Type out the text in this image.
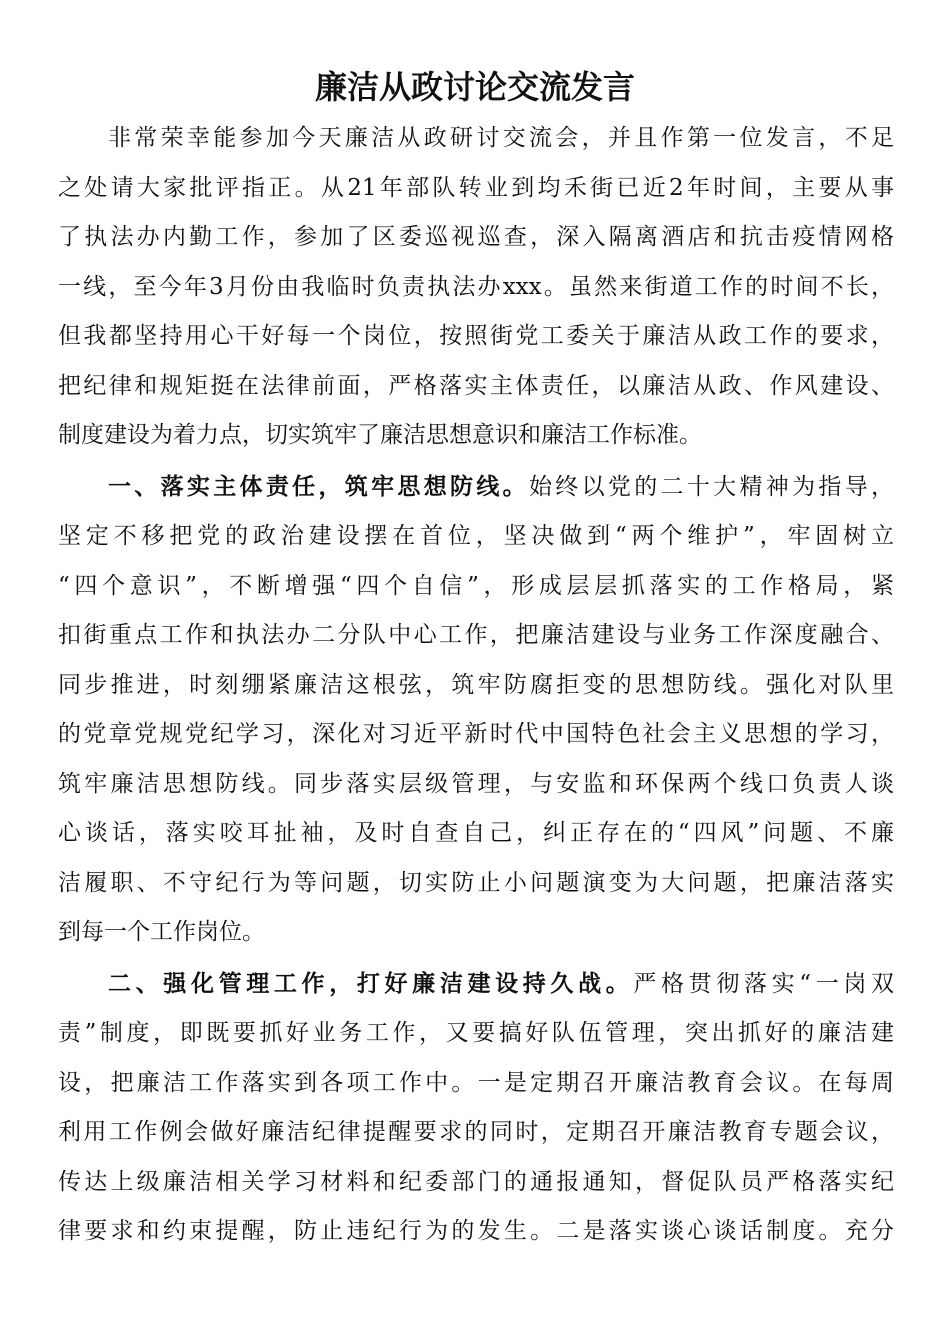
廉洁从政讨论交流发言
非常荣幸能参加今天廉洁从政研讨交流会，并且作第一位发言，不足
之处请大家批评指正。从21年部队转业到均禾街已近2年时间，主要从事
了执法办内勤工作，参加了区委巡视巡查，深入隔离酒店和抗击疫情网格
一线，至今年3月份由我临时负责执法办xxx。虽然来街道工作的时间不长，
但我都坚持用心干好每一个岗位，按照街党工委关于廉洁从政工作的要求，
把纪律和规矩挺在法律前面，严格落实主体责任，以廉洁从政、作风建设、
制度建设为着力点，切实筑牢了廉洁思想意识和廉洁工作标准。
一、落实主体责任，筑牢思想防线。始终以党的二十大精神为指导，
坚定不移把党的政治建设摆在首位，坚决做到“两个维护”，牢固树立
“四个意识”，不断增强“四个自信”，形成层层抓落实的工作格局，紧
扣街重点工作和执法办二分队中心工作，把廉洁建设与业务工作深度融合、
同步推进，时刻绷紧廉洁这根弦，筑牢防腐拒变的思想防线。强化对队里
的党章党规党纪学习，深化对习近平新时代中国特色社会主义思想的学习，
筑牢廉洁思想防线。同步落实层级管理，与安监和环保两个线口负责人谈
心谈话，落实咬耳扯袖，及时自查自己，纠正存在的“四风”问题、不廉
洁履职、不守纪行为等问题，切实防止小问题演变为大问题，把廉洁落实
到每一个工作岗位。
二、强化管理工作，打好廉洁建设持久战。严格贯彻落实“一岗双
责”制度，即既要抓好业务工作，又要搞好队伍管理，突出抓好的廉洁建
设，把廉洁工作落实到各项工作中。一是定期召开廉洁教育会议。在每周
利用工作例会做好廉洁纪律提醒要求的同时，定期召开廉洁教育专题会议，
传达上级廉洁相关学习材料和纪委部门的通报通知，督促队员严格落实纪
律要求和约束提醒，防止违纪行为的发生。二是落实谈心谈话制度。充分
